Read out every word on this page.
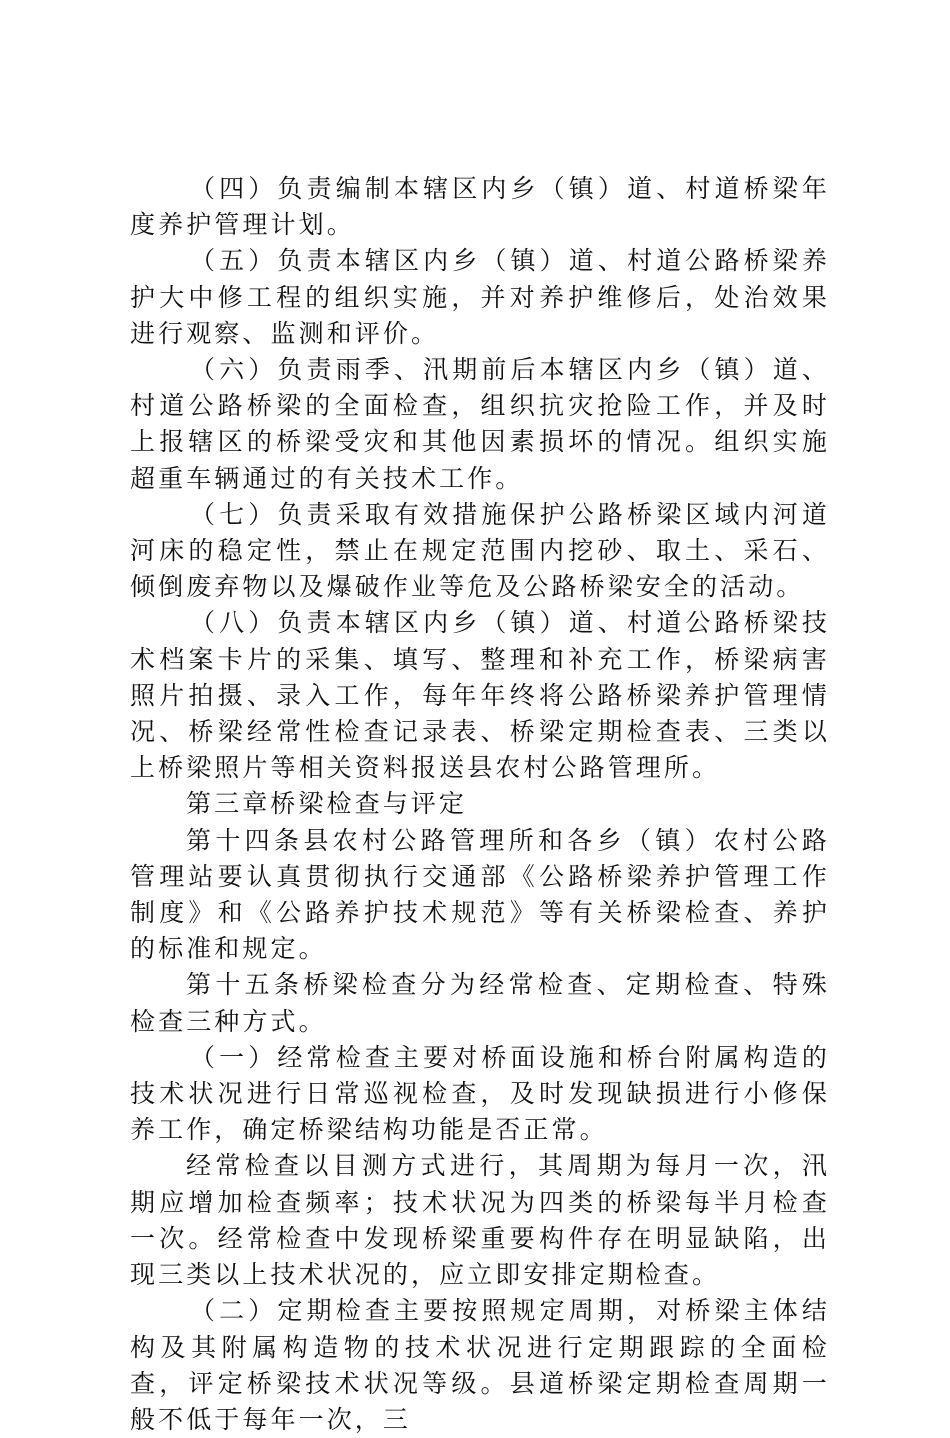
（四）负责编制本辖区内乡（镇）道、村道桥梁年度养护管理计划。

（五）负责本辖区内乡（镇）道、村道公路桥梁养护大中修工程的组织实施，并对养护维修后，处治效果进行观察、监测和评价。

（六）负责雨季、汛期前后本辖区内乡（镇）道、村道公路桥梁的全面检查，组织抗灾抢险工作，并及时上报辖区的桥梁受灾和其他因素损坏的情况。组织实施超重车辆通过的有关技术工作。

（七）负责采取有效措施保护公路桥梁区域内河道河床的稳定性，禁止在规定范围内挖砂、取土、采石、倾倒废弃物以及爆破作业等危及公路桥梁安全的活动。

（八）负责本辖区内乡（镇）道、村道公路桥梁技术档案卡片的采集、填写、整理和补充工作，桥梁病害照片拍摄、录入工作，每年年终将公路桥梁养护管理情况、桥梁经常性检查记录表、桥梁定期检查表、三类以上桥梁照片等相关资料报送县农村公路管理所。

第三章桥梁检查与评定

第十四条县农村公路管理所和各乡（镇）农村公路管理站要认真贯彻执行交通部《公路桥梁养护管理工作制度》和《公路养护技术规范》等有关桥梁检查、养护的标准和规定。

第十五条桥梁检查分为经常检查、定期检查、特殊检查三种方式。

（一）经常检查主要对桥面设施和桥台附属构造的技术状况进行日常巡视检查，及时发现缺损进行小修保养工作，确定桥梁结构功能是否正常。

经常检查以目测方式进行，其周期为每月一次，汛期应增加检查频率；技术状况为四类的桥梁每半月检查一次。经常检查中发现桥梁重要构件存在明显缺陷，出现三类以上技术状况的，应立即安排定期检查。

（二）定期检查主要按照规定周期，对桥梁主体结构及其附属构造物的技术状况进行定期跟踪的全面检查，评定桥梁技术状况等级。县道桥梁定期检查周期一般不低于每年一次，三
